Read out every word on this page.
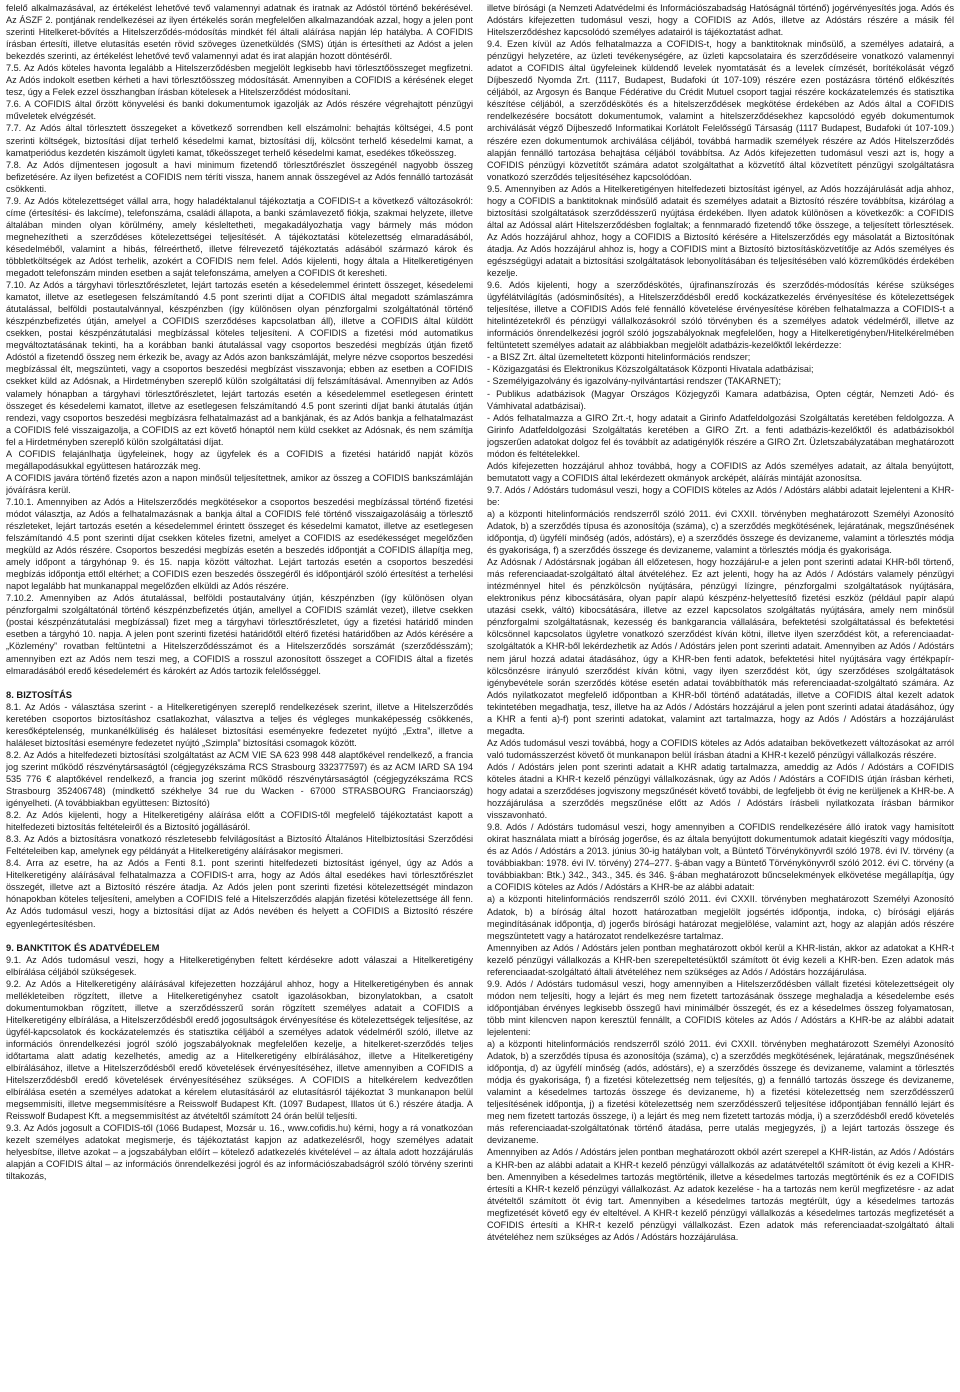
felelő alkalmazásával, az értékelést lehetővé tevő valamennyi adatnak és iratnak az Adóstól történő bekérésével. Az ÁSZF 2. pontjának rendelkezései az ilyen értékelés során megfelelően alkalmazandóak azzal, hogy a jelen pont szerinti Hitelkeret-bővítés a Hitelszerződés-módosítás mindkét fél általi aláírása napján lép hatályba. A COFIDIS írásban értesíti, illetve elutasítás esetén rövid szöveges üzenetküldés (SMS) útján is értesítheti az Adóst a jelen bekezdés szerinti, az értékelést lehetővé tevő valamennyi adat és irat alapján hozott döntéséről.

7.5. Az Adós köteles havonta legalább a Hitelszerződésben megjelölt legkisebb havi törlesztőösszeget megfizetni. Az Adós indokolt esetben kérheti a havi törlesztőösszeg módosítását. Amennyiben a COFIDIS a kérésének eleget tesz, úgy a Felek ezzel összhangban írásban kötelesek a Hitelszerződést módosítani.

7.6. A COFIDIS által őrzött könyvelési és banki dokumentumok igazolják az Adós részére végrehajtott pénzügyi műveletek elvégzését.

7.7. Az Adós által törlesztett összegeket a következő sorrendben kell elszámolni: behajtás költségei, 4.5 pont szerinti költségek, biztosítási díjat terhelő késedelmi kamat, biztosítási díj, kölcsönt terhelő késedelmi kamat, a kamatperiódus kezdetén kiszámolt ügyleti kamat, tőkeösszeget terhelő késedelmi kamat, esedékes tőkeösszeg.

7.8. Az Adós díjmentesen jogosult a havi minimum fizetendő törlesztőrészlet összegénél nagyobb összeg befizetésére. Az ilyen befizetést a COFIDIS nem téríti vissza, hanem annak összegével az Adós fennálló tartozását csökkenti.

7.9. Az Adós kötelezettséget vállal arra, hogy haladéktalanul tájékoztatja a COFIDIS-t a következő változásokról: címe (értesítési- és lakcíme), telefonszáma, családi állapota, a banki számlavezető fiókja, szakmai helyzete, illetve általában minden olyan körülmény, amely késleltetheti, megakadályozhatja vagy bármely más módon megnehezítheti a szerződéses kötelezettségei teljesítését. A tájékoztatási kötelezettség elmaradásából, késedelméből, valamint a hibás, félreérthető, illetve félrevezető tájékoztatás adásából származó károk és többletköltségek az Adóst terhelik, azokért a COFIDIS nem felel. Adós kijelenti, hogy általa a Hitelkeretigényen megadott telefonszám minden esetben a saját telefonszáma, amelyen a COFIDIS őt keresheti.

7.10. Az Adós a tárgyhavi törlesztőrészletet, lejárt tartozás esetén a késedelemmel érintett összeget, késedelemi kamatot, illetve az esetlegesen felszámítandó 4.5 pont szerinti díjat a COFIDIS által megadott számlaszámra átutalással, belföldi postautalvánnyal, készpénzben (így különösen olyan pénzforgalmi szolgáltatónál történő készpénzbefizetés útján, amelyel a COFIDIS szerződéses kapcsolatban áll), illetve a COFIDIS által küldött csekken, postai készpénzátutalási megbízással köteles teljesíteni. A COFIDIS a fizetési mód automatikus megváltoztatásának tekinti, ha a korábban banki átutalással vagy csoportos beszedési megbízás útján fizető Adóstól a fizetendő összeg nem érkezik be, avagy az Adós azon bankszámláját, melyre nézve csoportos beszedési megbízással élt, megszünteti, vagy a csoportos beszedési megbízást visszavonja; ebben az esetben a COFIDIS csekket küld az Adósnak, a Hirdetményben szereplő külön szolgáltatási díj felszámításával. Amennyiben az Adós valamely hónapban a tárgyhavi törlesztőrészletet, lejárt tartozás esetén a késedelemmel esetlegesen érintett összeget és késedelemi kamatot, illetve az esetlegesen felszámítandó 4.5 pont szerinti díjat banki átutalás útján rendezi, vagy csoportos beszedési megbízásra felhatalmazást ad a bankjának, és az Adós bankja a felhatalmazást a COFIDIS felé visszaigazolja, a COFIDIS az ezt követő hónaptól nem küld csekket az Adósnak, és nem számítja fel a Hirdetményben szereplő külön szolgáltatási díjat.

A COFIDIS felajánlhatja ügyfeleinek, hogy az ügyfelek és a COFIDIS a fizetési határidő napját közös megállapodásukkal együttesen határozzák meg.

A COFIDIS javára történő fizetés azon a napon minősül teljesítettnek, amikor az összeg a COFIDIS bankszámláján jóváírásra kerül.

7.10.1. Amennyiben az Adós a Hitelszerződés megkötésekor a csoportos beszedési megbízással történő fizetési módot választja, az Adós a felhatalmazásnak a bankja által a COFIDIS felé történő visszaigazolásáig a törlesztő részleteket, lejárt tartozás esetén a késedelemmel érintett összeget és késedelmi kamatot, illetve az esetlegesen felszámítandó 4.5 pont szerinti díjat csekken köteles fizetni, amelyet a COFIDIS az esedékességet megelőzően megküld az Adós részére. Csoportos beszedési megbízás esetén a beszedés időpontját a COFIDIS állapítja meg, amely időpont a tárgyhónap 9. és 15. napja között változhat. Lejárt tartozás esetén a csoportos beszedési megbízás időpontja ettől eltérhet; a COFIDIS ezen beszedés összegéről és időpontjáról szóló értesítést a terhelési napot legalább hat munkanappal megelőzően elküldi az Adós részére.

7.10.2. Amennyiben az Adós átutalással, belföldi postautalvány útján, készpénzben (így különösen olyan pénzforgalmi szolgáltatónál történő készpénzbefizetés útján, amellyel a COFIDIS számlát vezet), illetve csekken (postai készpénzátutalási megbízással) fizet meg a tárgyhavi törlesztőrészletet, úgy a fizetési határidő minden esetben a tárgyhó 10. napja. A jelen pont szerinti fizetési határidőtől eltérő fizetési határidőben az Adós kérésére a „Közlemény” rovatban feltüntetni a Hitelszerződésszámot és a Hitelszerződés sorszámát (szerződésszám); amennyiben ezt az Adós nem teszi meg, a COFIDIS a rosszul azonosított összeget a COFIDIS által a fizetés elmaradásából eredő késedelemért és károkért az Adós tartozik felelősséggel.

8. BIZTOSÍTÁS

8.1. Az Adós - választása szerint - a Hitelkeretigényen szereplő rendelkezések szerint, illetve a Hitelszerződés keretében csoportos biztosításhoz csatlakozhat, választva a teljes és végleges munkaképesség csökkenés, keresőképtelenség, munkanélküliség és haláleset biztosítási eseményekre fedezetet nyújtó „Extra”, illetve a haláleset biztosítási eseményre fedezetet nyújtó „Szimpla” biztosítási csomagok között.

8.2. Az Adós a hitelfedezeti biztosítási szolgáltatást az ACM VIE SA 623 998 448 alaptőkével rendelkező, a francia jog szerint működő részvénytársaságtól (cégjegyzékszáma RCS Strasbourg 332377597) és az ACM IARD SA 194 535 776 € alaptőkével rendelkező, a francia jog szerint működő részvénytársaságtól (cégjegyzékszáma RCS Strasbourg 352406748) (mindkettő székhelye 34 rue du Wacken - 67000 STRASBOURG Franciaország) igényelheti. (A továbbiakban együttesen: Biztosító)

8.2. Az Adós kijelenti, hogy a Hitelkeretigény aláírása előtt a COFIDIS-től megfelelő tájékoztatást kapott a hitelfedezeti biztosítás feltételeiről és a Biztosító jogállásáról.

8.3. Az Adós a biztosításra vonatkozó részletesebb felvilágosítást a Biztosító Általános Hitelbiztosítási Szerződési Feltételeiben kap, amelynek egy példányát a Hitelkeretigény aláírásakor megismeri.

8.4. Arra az esetre, ha az Adós a Fenti 8.1. pont szerinti hitelfedezeti biztosítást igényel, úgy az Adós a Hitelkeretigény aláírásával felhatalmazza a COFIDIS-t arra, hogy az Adós által esedékes havi törlesztőrészlet összegét, illetve azt a Biztosító részére átadja. Az Adós jelen pont szerinti fizetési kötelezettségét mindazon hónapokban köteles teljesíteni, amelyben a COFIDIS felé a Hitelszerződés alapján fizetési kötelezettsége áll fenn. Az Adós tudomásul veszi, hogy a biztosítási díjat az Adós nevében és helyett a COFIDIS a Biztosító részére egyenlegértesítésben.

9. BANKTITOK ÉS ADATVÉDELEM

9.1. Az Adós tudomásul veszi, hogy a Hitelkeretigényben feltett kérdésekre adott válaszai a Hitelkeretigény elbírálása céljából szükségesek.

9.2. Az Adós a Hitelkeretigény aláírásával kifejezetten hozzájárul ahhoz, hogy a Hitelkeretigényben és annak mellékleteiben rögzített, illetve a Hitelkeretigényhez csatolt igazolásokban, bizonylatokban, a csatolt dokumentumokban rögzített, illetve a szerződésszerű során rögzített személyes adatait a COFIDIS a Hitelkeretigény elbírálása, a Hitelszerződésből eredő jogosultságok érvényesítése és kötelezettségek teljesítése, az ügyfél-kapcsolatok és kockázatelemzés és statisztika céljából a személyes adatok védelméről szóló, illetve az információs önrendelkezési jogról szóló jogszabályoknak megfelelően kezelje, a hitelkeret-szerződés teljes időtartama alatt adatig kezelhetés, amedig az a Hitelkeretigény elbírálásához, illetve a Hitelkeretigény elbírálásához, illetve a Hitelszerződésből eredő követelések érvényesítéséhez, illetve amennyiben a COFIDIS a Hitelszerződésből eredő követelések érvényesítéséhez szükséges. A COFIDIS a hitelkérelem kedvezőtlen elbírálása esetén a személyes adatokat a kérelem elutasításáról az elutasításról tájékoztat 3 munkanapon belül megsemmisíti, illetve megsemmisítésre a Reisswolf Budapest Kft. (1097 Budapest, Illatos út 6.) részére átadja. A Reisswolf Budapest Kft. a megsemmisítést az átvételtől számított 24 órán belül teljesíti.

9.3. Az Adós jogosult a COFIDIS-től (1066 Budapest, Mozsár u. 16., www.cofidis.hu) kérni, hogy a rá vonatkozóan kezelt személyes adatokat megismerje, és tájékoztatást kapjon az adatkezelésről, hogy személyes adatait helyesbítse, illetve azokat – a jogszabályban előírt – kötelező adatkezelés kivételével – az általa adott hozzájárulás alapján a COFIDIS által – az információs önrendelkezési jogról és az információszabadságról szóló törvény szerinti tiltakozás,

illetve bírósági (a Nemzeti Adatvédelmi és Információszabadság Hatóságnál történő) jogérvényesítés joga. Adós és Adóstárs kifejezetten tudomásul veszi, hogy a COFIDIS az Adós, illetve az Adóstárs részére a másik fél Hitelszerződéshez kapcsolódó személyes adatairól is tájékoztatást adhat.

9.4. Ezen kívül az Adós felhatalmazza a COFIDIS-t, hogy a banktitoknak minősülő, a személyes adatairá, a pénzügyi helyzetére, az üzleti tevékenységére, az üzleti kapcsolataira és szerződéseire vonatkozó valamennyi adatot a COFIDIS által ügyfeleinek küldendő levelek nyomtatását és a levelek címzését, borítékolását végző Díjbeszedő Nyomda Zrt. (1117, Budapest, Budafoki út 107-109) részére ezen postázásra történő előkészítés céljából, az Argosyn és Banque Fédérative du Crédit Mutuel csoport tagjai részére kockázatelemzés és statisztika készítése céljából, a szerződéskötés és a hitelszerződések megkötése érdekében az Adós által a COFIDIS rendelkezésére bocsátott dokumentumok, valamint a hitelszerződésekhez kapcsolódó egyéb dokumentumok archiválását végző Díjbeszedő Informatikai Korlátolt Felelősségű Társaság (1117 Budapest, Budafoki út 107-109.) részére ezen dokumentumok archiválása céljából, továbbá harmadik személyek részére az Adós Hitelszerződés alapján fennálló tartozása behajtása céljából továbbítsa. Az Adós kifejezetten tudomásul veszi azt is, hogy a COFIDIS pénzügyi közvetítőt számára adatot szolgáltathat a közvetítő által közvetített pénzügyi szolgáltatásra vonatkozó szerződés teljesítéséhez kapcsolódóan.

9.5. Amennyiben az Adós a Hitelkeretigényen hitelfedezeti biztosítást igényel, az Adós hozzájárulását adja ahhoz, hogy a COFIDIS a banktitoknak minősülő adatait és személyes adatait a Biztosító részére továbbítsa, kizárólag a biztosítási szolgáltatások szerződésszerű nyújtása érdekében. Ilyen adatok különösen a következők: a COFIDIS által az Adóssal alárt Hitelszerződésben foglaltak; a fennmaradó fizetendő tőke összege, a teljesített törlesztések. Az Adós hozzájárul ahhoz, hogy a COFIDIS a Biztosító kérésére a Hitelszerződés egy másolatát a Biztosítónak átadja. Az Adós hozzájárul ahhoz is, hogy a COFIDIS mint a Biztosító biztosításközvetítője az Adós személyes és egészségügyi adatait a biztosítási szolgáltatások lebonyolításában és teljesítésében való közreműködés érdekében kezelje.

9.6. Adós kijelenti, hogy a szerződéskötés, újrafinanszírozás és szerződés-módosítás kérése szükséges ügyfélátvilágítás (adósminősítés), a Hitelszerződésből eredő kockázatkezelés érvényesítése és kötelezettségek teljesítése, illetve a COFIDIS Adós felé fennálló követelése érvényesítése körében felhatalmazza a COFIDIS-t a hitelintézetekről és pénzügyi vállalkozásokról szóló törvényben és a személyes adatok védelméről, illetve az információs önrendelkezési jogról szóló jogszabályoknak megfelelően, hogy a Hitelkeretigényben/Hitelkérelmében feltüntetett személyes adatait az alábbiakban megjelölt adatbázis-kezelőktől lekérdezze:

- a BISZ Zrt. által üzemeltetett központi hitelinformációs rendszer;

- Közigazgatási és Elektronikus Közszolgáltatások Központi Hivatala adatbázisai;

- Személyigazolvány és igazolvány-nyilvántartási rendszer (TAKARNET);

- Publikus adatbázisok (Magyar Országos Közjegyzői Kamara adatbázisa, Opten cégtár, Nemzeti Adó- és Vámhivatal adatbázisai).

- Adós felhatalmazza a GIRO Zrt.-t, hogy adatait a Girinfo Adatfeldolgozási Szolgáltatás keretében feldolgozza. A Girinfo Adatfeldolgozási Szolgáltatás keretében a GIRO Zrt. a fenti adatbázis-kezelőktől és adatbázisokból jogszerűen adatokat dolgoz fel és továbbít az adatigénylők részére a GIRO Zrt. Üzletszabályzatában meghatározott módon és feltételekkel.

Adós kifejezetten hozzájárul ahhoz továbbá, hogy a COFIDIS az Adós személyes adatait, az általa benyújtott, bemutatott vagy a COFIDIS által lekérdezett okmányok arcképét, aláírás mintáját azonosítsa.

9.7. Adós / Adóstárs tudomásul veszi, hogy a COFIDIS köteles az Adós / Adóstárs alábbi adatait lejelenteni a KHR-be:

a) a központi hitelinformációs rendszerről szóló 2011. évi CXXII. törvényben meghatározott Személyi Azonosító Adatok, b) a szerződés típusa és azonosítója (száma), c) a szerződés megkötésének, lejáratának, megszűnésének időpontja, d) ügyfélí minőség (adós, adóstárs), e) a szerződés összege és devizaneme, valamint a törlesztés módja és gyakorisága, f) a szerződés összege és devizaneme, valamint a törlesztés módja és gyakorisága.

Az Adósnak / Adóstársnak jogában áll előzetesen, hogy hozzájárul-e a jelen pont szerinti adatai KHR-ből törtenő, más referenciaadat-szolgáltató által átvételéhez. Ez azt jelenti, hogy ha az Adós / Adóstárs valamely pénzügyi intézménnyel hitel és pénzkölcsön nyújtására, pénzügyi lízingre, pénzforgalmi szolgáltatások nyújtására, elektronikus pénz kibocsátására, olyan papír alapú készpénz-helyettesítő fizetési eszköz (például papír alapú utazási csekk, váltó) kibocsátására, illetve az ezzel kapcsolatos szolgáltatás nyújtására, amely nem minősül pénzforgalmi szolgáltatásnak, kezesség és bankgarancia vállalására, befektetési szolgáltatással és befektetési kölcsönnel kapcsolatos ügyletre vonatkozó szerződést kíván kötni, illetve ilyen szerződést köt, a referenciaadat-szolgáltatók a KHR-ből lekérdezhetik az Adós / Adóstárs jelen pont szerinti adatait. Amennyiben az Adós / Adóstárs nem járul hozzá adatai átadásához, úgy a KHR-ben fenti adatok, befektetési hitel nyújtására vagy értékpapír-kölcsönzésre irányuló szerződést kíván kötni, vagy ilyen szerződést köt, úgy szerződéses szolgáltatások igénybevétele során szerződés kötése esetén adatai továbbíthatók más referenciaadat-szolgáltató számára. Az Adós nyilatkozatot megfelelő időpontban a KHR-ből történő adatátadás, illetve a COFIDIS által kezelt adatok tekintetében megadhatja, tesz, illetve ha az Adós / Adóstárs hozzájárul a jelen pont szerinti adatai átadásához, úgy a KHR a fenti a)-f) pont szerinti adatokat, valamint azt tartalmazza, hogy az Adós / Adóstárs a hozzájárulást megadta.

Az Adós tudomásul veszi továbbá, hogy a COFIDIS köteles az Adós adataiban bekövetkezett változásokat az arról való tudomásszerzést követő öt munkanapon belül írásban átadni a KHR-t kezelő pénzügyi vállalkozás részére.

Adós / Adóstárs jelen pont szerinti adatait a KHR adatig tartalmazza, ameddig az Adós / Adóstárs a COFIDIS köteles átadni a KHR-t kezelő pénzügyi vállalkozásnak, úgy az Adós / Adóstárs a COFIDIS útján írásban kérheti, hogy adatai a szerződéses jogviszony megszűnését követő további, de legfeljebb öt évig ne kerüljenek a KHR-be. A hozzájárulása a szerződés megszűnése előtt az Adós / Adóstárs írásbeli nyilatkozata írásban bármikor visszavonható.

9.8. Adós / Adóstárs tudomásul veszi, hogy amennyiben a COFIDIS rendelkezésére álló iratok vagy hamisított okirat használata miatt a bíróság jogerőse, és az általa benyújtott dokumentumok adatait kiegészíti vagy módosítja, és az Adós / Adóstárs a 2013. június 30-ig hatályban volt, a Büntető Törvénykönyvről szóló 1978. évi IV. törvény (a továbbiakban: 1978. évi IV. törvény) 274–277. §-ában vagy a Büntető Törvénykönyvről szóló 2012. évi C. törvény (a továbbiakban: Btk.) 342., 343., 345. és 346. §-ában meghatározott bűncselekmények elkövetése megállapítja, úgy a COFIDIS köteles az Adós / Adóstárs a KHR-be az alábbi adatait:

a) a központi hitelinformációs rendszerről szóló 2011. évi CXXII. törvényben meghatározott Személyi Azonosító Adatok, b) a bíróság által hozott határozatban megjelölt jogsértés időpontja, indoka, c) bírósági eljárás megindításának időpontja, d) jogerős bírósági határozat megjelölése, valamint azt, hogy az alapján adós részére megszüntetett vagy a határozatot rendelkezésre tartalmaz.

Amennyiben az Adós / Adóstárs jelen pontban meghatározott okból kerül a KHR-listán, akkor az adatokat a KHR-t kezelő pénzügyi vállalkozás a KHR-ben szerepeltetésüktől számított öt évig kezeli a KHR-ben. Ezen adatok más referenciaadat-szolgáltató általi átvételéhez nem szükséges az Adós / Adóstárs hozzájárulása.

9.9. Adós / Adóstárs tudomásul veszi, hogy amennyiben a Hitelszerződésben vállalt fizetési kötelezettségeit oly módon nem teljesíti, hogy a lejárt és meg nem fizetett tartozásának összege meghaladja a késedelembe esés időpontjában érvényes legkisebb összegű havi minimálbér összegét, és ez a késedelmes összeg folyamatosan, több mint kilencven napon keresztül fennállt, a COFIDIS köteles az Adós / Adóstárs a KHR-be az alábbi adatait lejelenteni:

a) a központi hitelinformációs rendszerről szóló 2011. évi CXXII. törvényben meghatározott Személyi Azonosító Adatok, b) a szerződés típusa és azonosítója (száma), c) a szerződés megkötésének, lejáratának, megszűnésének időpontja, d) az ügyfélí minőség (adós, adóstárs), e) a szerződés összege és devizaneme, valamint a törlesztés módja és gyakorisága, f) a fizetési kötelezettség nem teljesítés, g) a fennálló tartozás összege és devizaneme, valamint a késedelmes tartozás összege és devizaneme, h) a fizetési kötelezettség nem szerződésszerű teljesítésének időpontja, j) a fizetési kötelezettség nem szerződésszerű teljesítése időpontjában fennálló lejárt és meg nem fizetett tartozás összege, i) a lejárt és meg nem fizetett tartozás módja, i) a szerződésből eredő követelés más referenciaadat-szolgáltatónak történő átadása, perre utalás megjegyzés, j) a lejárt tartozás összege és devizaneme.

Amennyiben az Adós / Adóstárs jelen pontban meghatározott okból azért szerepel a KHR-listán, az Adós / Adóstárs a KHR-ben az alábbi adatait a KHR-t kezelő pénzügyi vállalkozás az adatátvételtől számított öt évig kezeli a KHR-ben. Amennyiben a késedelmes tartozás megtörténik, illetve a késedelmes tartozás megtörténik és ez a COFIDIS értesíti a KHR-t kezelő pénzügyi vállalkozást. Az adatok kezelése - ha a tartozás nem kerül megfizetésre - az adat átvételtől számított öt évig tart. Amennyiben a késedelmes tartozás megtérült, úgy a késedelmes tartozás megfizetését követő egy év elteltével. A KHR-t kezelő pénzügyi vállalkozás a késedelmes tartozás megfizetését a COFIDIS értesíti a KHR-t kezelő pénzügyi vállalkozást. Ezen adatok más referenciaadat-szolgáltató általi átvételéhez nem szükséges az Adós / Adóstárs hozzájárulása.
